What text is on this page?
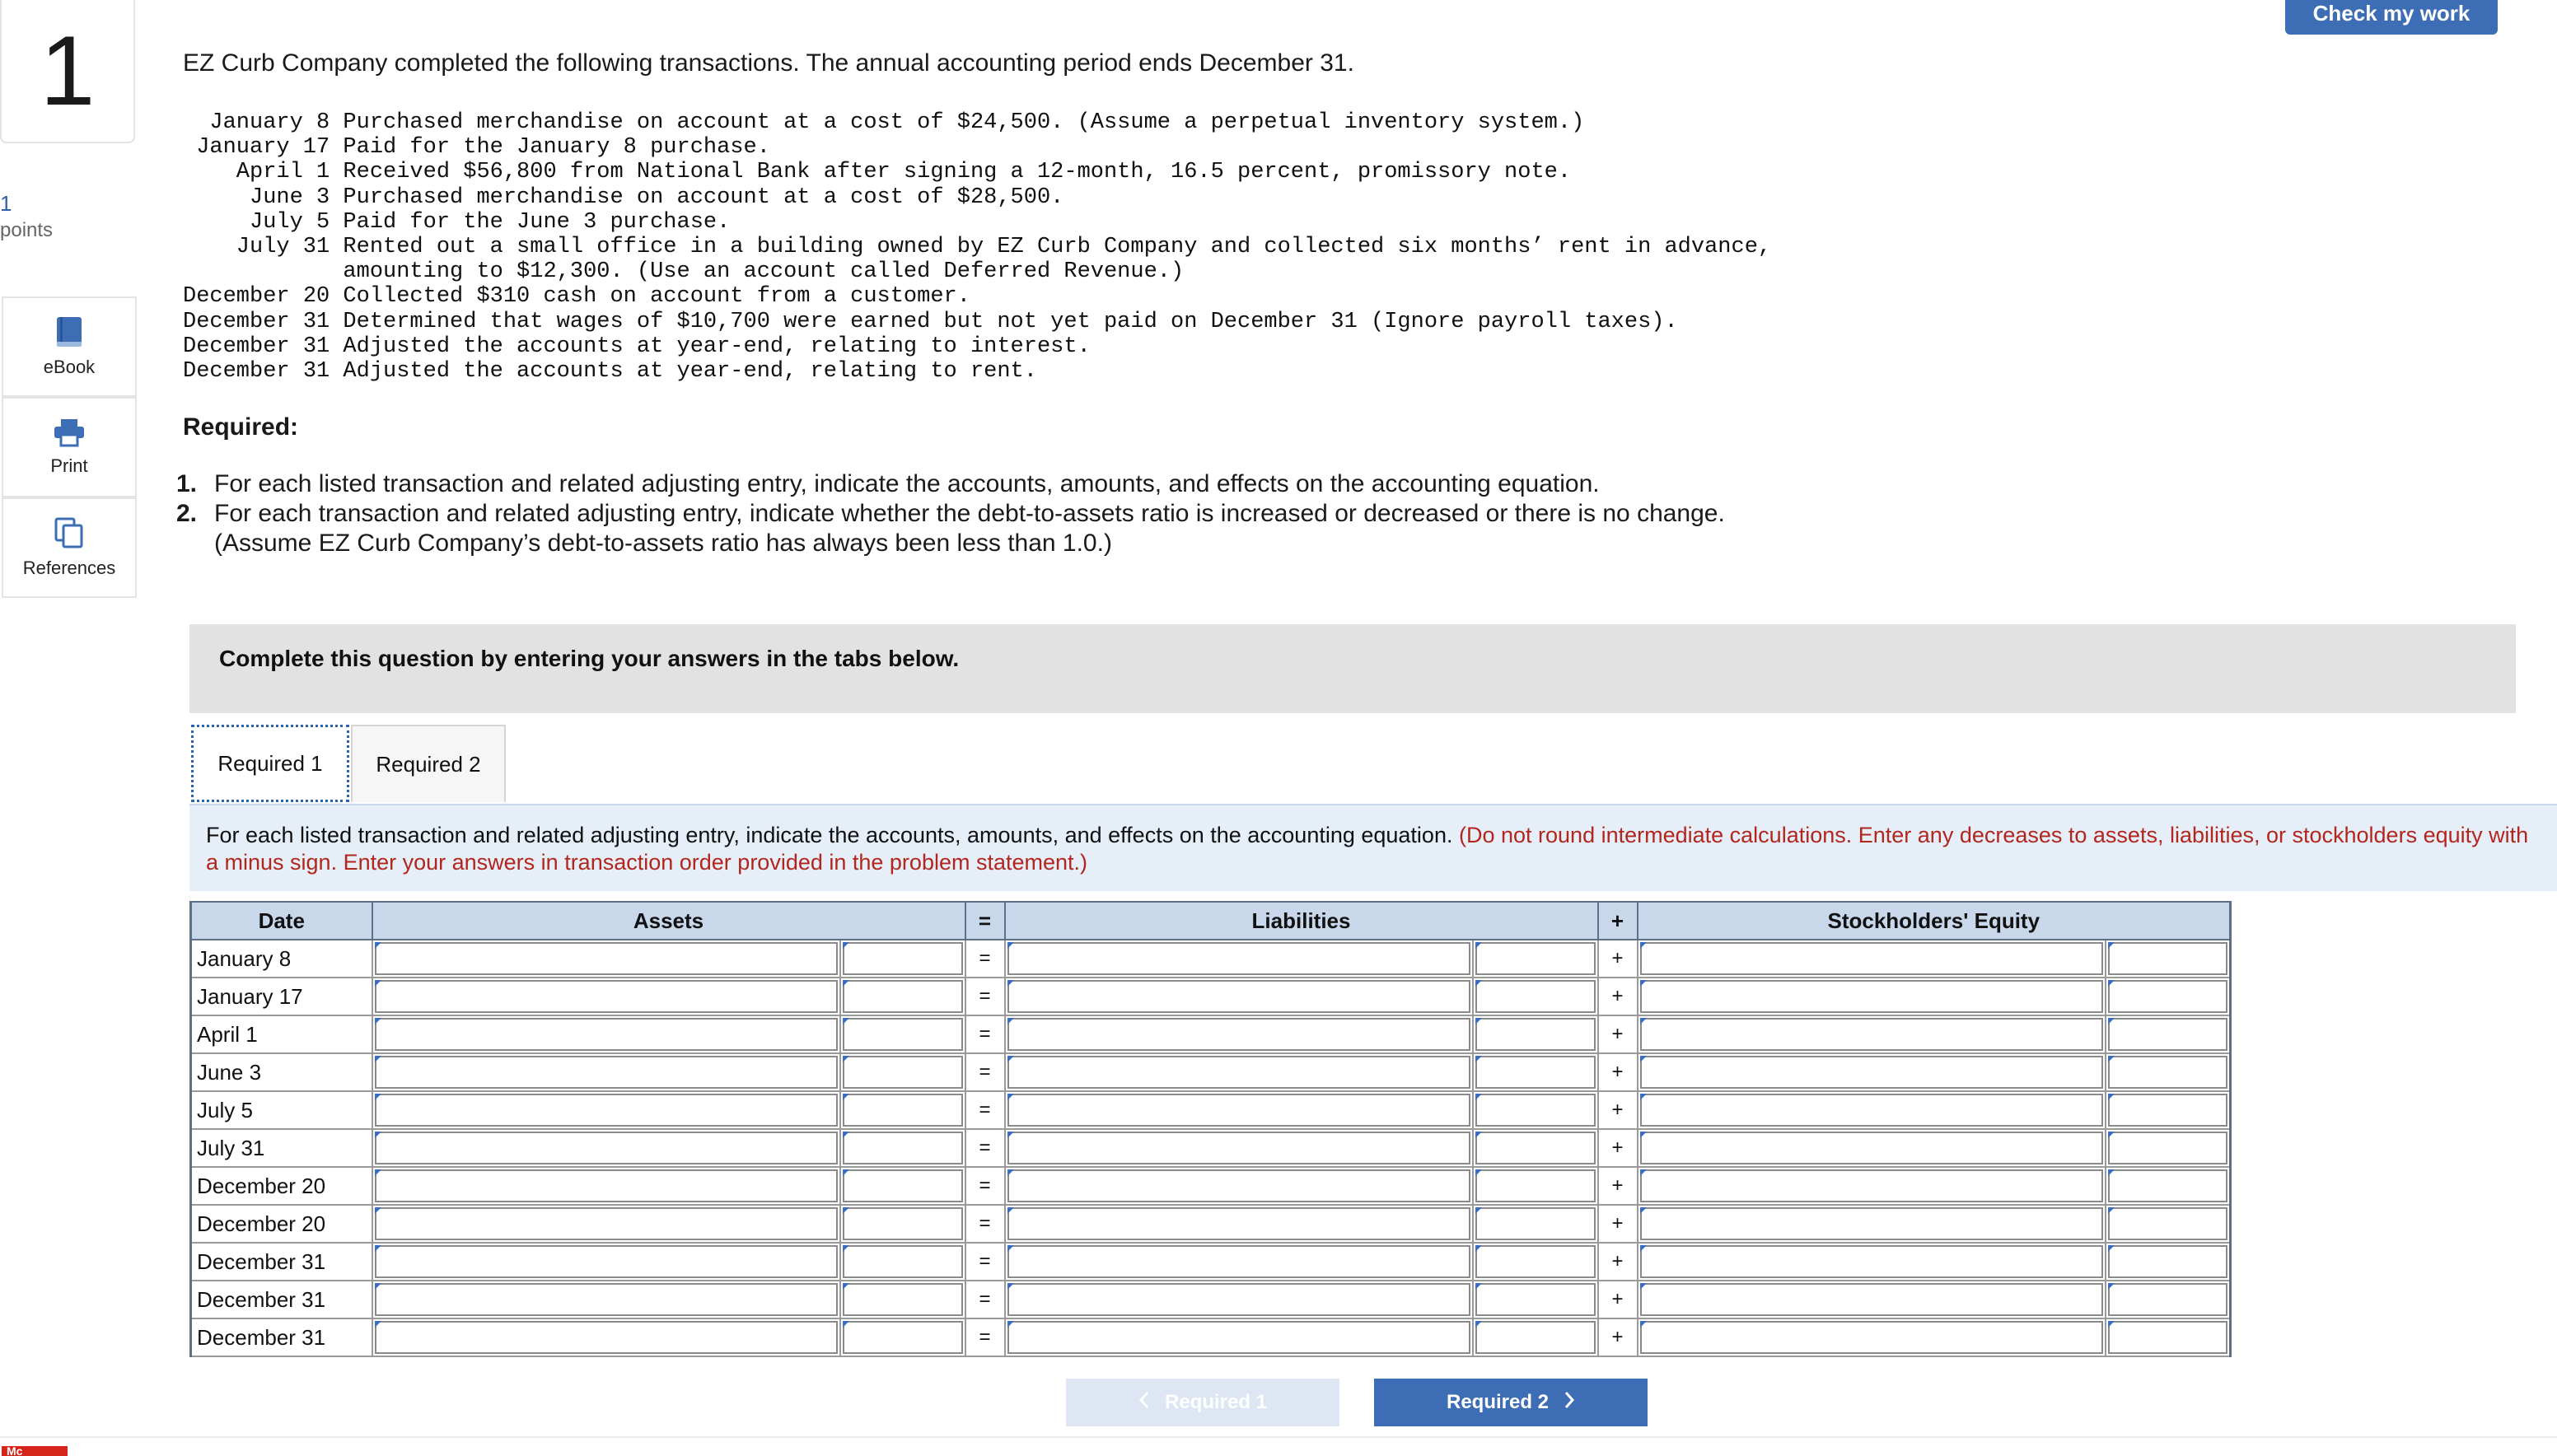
1
1
points
eBook
Print
References
Check my work
EZ Curb Company completed the following transactions. The annual accounting period ends December 31.
January 8 Purchased merchandise on account at a cost of $24,500. (Assume a perpetual inventory system.)
January 17 Paid for the January 8 purchase.
April 1 Received $56,800 from National Bank after signing a 12-month, 16.5 percent, promissory note.
June 3 Purchased merchandise on account at a cost of $28,500.
July 5 Paid for the June 3 purchase.
July 31 Rented out a small office in a building owned by EZ Curb Company and collected six months’ rent in advance,
amounting to $12,300. (Use an account called Deferred Revenue.)
December 20 Collected $310 cash on account from a customer.
December 31 Determined that wages of $10,700 were earned but not yet paid on December 31 (Ignore payroll taxes).
December 31 Adjusted the accounts at year-end, relating to interest.
December 31 Adjusted the accounts at year-end, relating to rent.
Required:
1. For each listed transaction and related adjusting entry, indicate the accounts, amounts, and effects on the accounting equation.
2. For each transaction and related adjusting entry, indicate whether the debt-to-assets ratio is increased or decreased or there is no change. (Assume EZ Curb Company’s debt-to-assets ratio has always been less than 1.0.)
Complete this question by entering your answers in the tabs below.
Required 1	Required 2
For each listed transaction and related adjusting entry, indicate the accounts, amounts, and effects on the accounting equation. (Do not round intermediate calculations. Enter any decreases to assets, liabilities, or stockholders equity with a minus sign. Enter your answers in transaction order provided in the problem statement.)
Date	Assets		=	Liabilities		+	Stockholders' Equity	
January 8			=			+	

January 17			=			+	

April 1			=			+	

June 3			=			+	

July 5			=			+	

July 31			=			+	

December 20			=			+	

December 20			=			+	

December 31			=			+	

December 31			=			+	

December 31			=			+	

Required 1	Required 2
Mc
